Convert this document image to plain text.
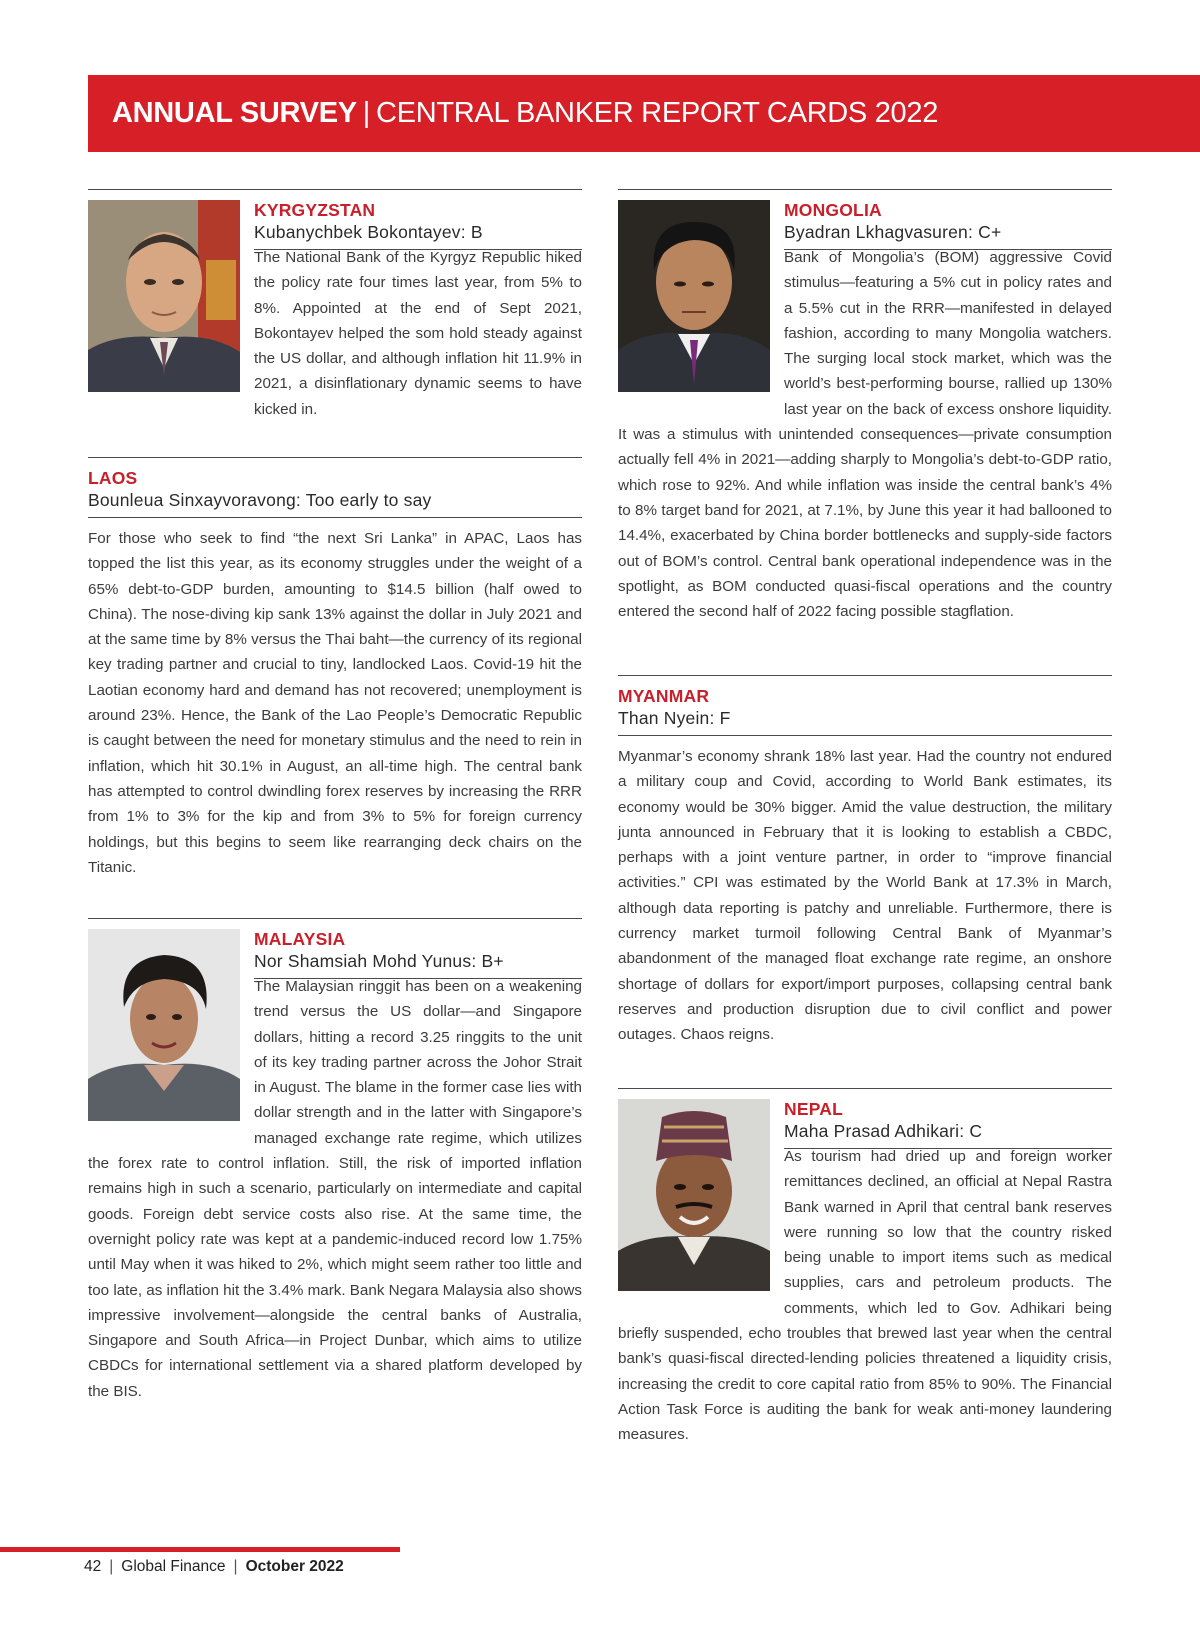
ANNUAL SURVEY | CENTRAL BANKER REPORT CARDS 2022
KYRGYZSTAN
Kubanychbek Bokontayev: B
The National Bank of the Kyrgyz Republic hiked the policy rate four times last year, from 5% to 8%. Appointed at the end of Sept 2021, Bokontayev helped the som hold steady against the US dollar, and although inflation hit 11.9% in 2021, a disinflationary dynamic seems to have kicked in.
LAOS
Bounleua Sinxayvoravong: Too early to say
For those who seek to find “the next Sri Lanka” in APAC, Laos has topped the list this year, as its economy struggles under the weight of a 65% debt-to-GDP burden, amounting to $14.5 billion (half owed to China). The nose-diving kip sank 13% against the dollar in July 2021 and at the same time by 8% versus the Thai baht—the currency of its regional key trading partner and crucial to tiny, landlocked Laos. Covid-19 hit the Laotian economy hard and demand has not recovered; unemployment is around 23%. Hence, the Bank of the Lao People’s Democratic Republic is caught between the need for monetary stimulus and the need to rein in inflation, which hit 30.1% in August, an all-time high. The central bank has attempted to control dwindling forex reserves by increasing the RRR from 1% to 3% for the kip and from 3% to 5% for foreign currency holdings, but this begins to seem like rearranging deck chairs on the Titanic.
MALAYSIA
Nor Shamsiah Mohd Yunus: B+
The Malaysian ringgit has been on a weakening trend versus the US dollar—and Singapore dollars, hitting a record 3.25 ringgits to the unit of its key trading partner across the Johor Strait in August. The blame in the former case lies with dollar strength and in the latter with Singapore’s managed exchange rate regime, which utilizes the forex rate to control inflation. Still, the risk of imported inflation remains high in such a scenario, particularly on intermediate and capital goods. Foreign debt service costs also rise. At the same time, the overnight policy rate was kept at a pandemic-induced record low 1.75% until May when it was hiked to 2%, which might seem rather too little and too late, as inflation hit the 3.4% mark. Bank Negara Malaysia also shows impressive involvement—alongside the central banks of Australia, Singapore and South Africa—in Project Dunbar, which aims to utilize CBDCs for international settlement via a shared platform developed by the BIS.
MONGOLIA
Byadran Lkhagvasuren: C+
Bank of Mongolia’s (BOM) aggressive Covid stimulus—featuring a 5% cut in policy rates and a 5.5% cut in the RRR—manifested in delayed fashion, according to many Mongolia watchers. The surging local stock market, which was the world’s best-performing bourse, rallied up 130% last year on the back of excess onshore liquidity. It was a stimulus with unintended consequences—private consumption actually fell 4% in 2021—adding sharply to Mongolia’s debt-to-GDP ratio, which rose to 92%. And while inflation was inside the central bank’s 4% to 8% target band for 2021, at 7.1%, by June this year it had ballooned to 14.4%, exacerbated by China border bottlenecks and supply-side factors out of BOM’s control. Central bank operational independence was in the spotlight, as BOM conducted quasi-fiscal operations and the country entered the second half of 2022 facing possible stagflation.
MYANMAR
Than Nyein: F
Myanmar’s economy shrank 18% last year. Had the country not endured a military coup and Covid, according to World Bank estimates, its economy would be 30% bigger. Amid the value destruction, the military junta announced in February that it is looking to establish a CBDC, perhaps with a joint venture partner, in order to “improve financial activities.” CPI was estimated by the World Bank at 17.3% in March, although data reporting is patchy and unreliable. Furthermore, there is currency market turmoil following Central Bank of Myanmar’s abandonment of the managed float exchange rate regime, an onshore shortage of dollars for export/import purposes, collapsing central bank reserves and production disruption due to civil conflict and power outages. Chaos reigns.
NEPAL
Maha Prasad Adhikari: C
As tourism had dried up and foreign worker remittances declined, an official at Nepal Rastra Bank warned in April that central bank reserves were running so low that the country risked being unable to import items such as medical supplies, cars and petroleum products. The comments, which led to Gov. Adhikari being briefly suspended, echo troubles that brewed last year when the central bank’s quasi-fiscal directed-lending policies threatened a liquidity crisis, increasing the credit to core capital ratio from 85% to 90%. The Financial Action Task Force is auditing the bank for weak anti-money laundering measures.
42 | Global Finance | October 2022
